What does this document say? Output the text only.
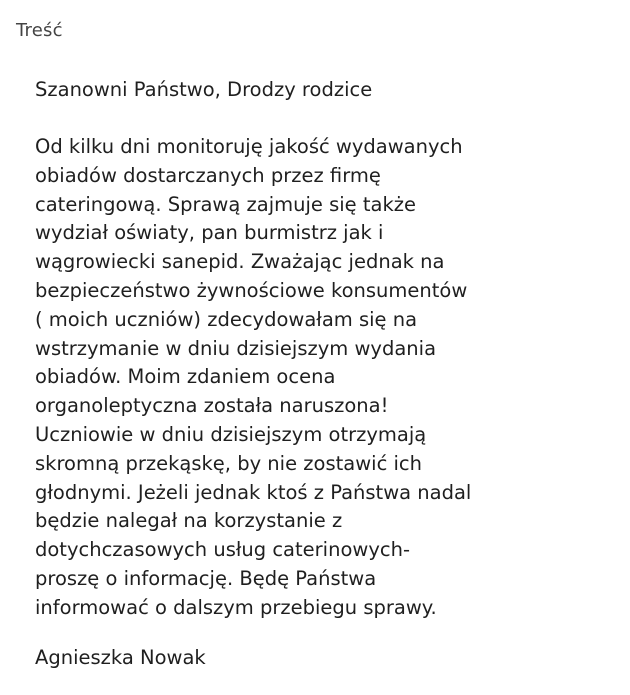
Treść
Szanowni Państwo, Drodzy rodzice
Od kilku dni monitoruję jakość wydawanych
obiadów dostarczanych przez firmę
cateringową. Sprawą zajmuje się także
wydział oświaty, pan burmistrz jak i
wągrowiecki sanepid. Zważając jednak na
bezpieczeństwo żywnościowe konsumentów
( moich uczniów) zdecydowałam się na
wstrzymanie w dniu dzisiejszym wydania
obiadów. Moim zdaniem ocena
organoleptyczna została naruszona!
Uczniowie w dniu dzisiejszym otrzymają
skromną przekąskę, by nie zostawić ich
głodnymi. Jeżeli jednak ktoś z Państwa nadal
będzie nalegał na korzystanie z
dotychczasowych usług caterinowych-
proszę o informację. Będę Państwa
informować o dalszym przebiegu sprawy.
Agnieszka Nowak
